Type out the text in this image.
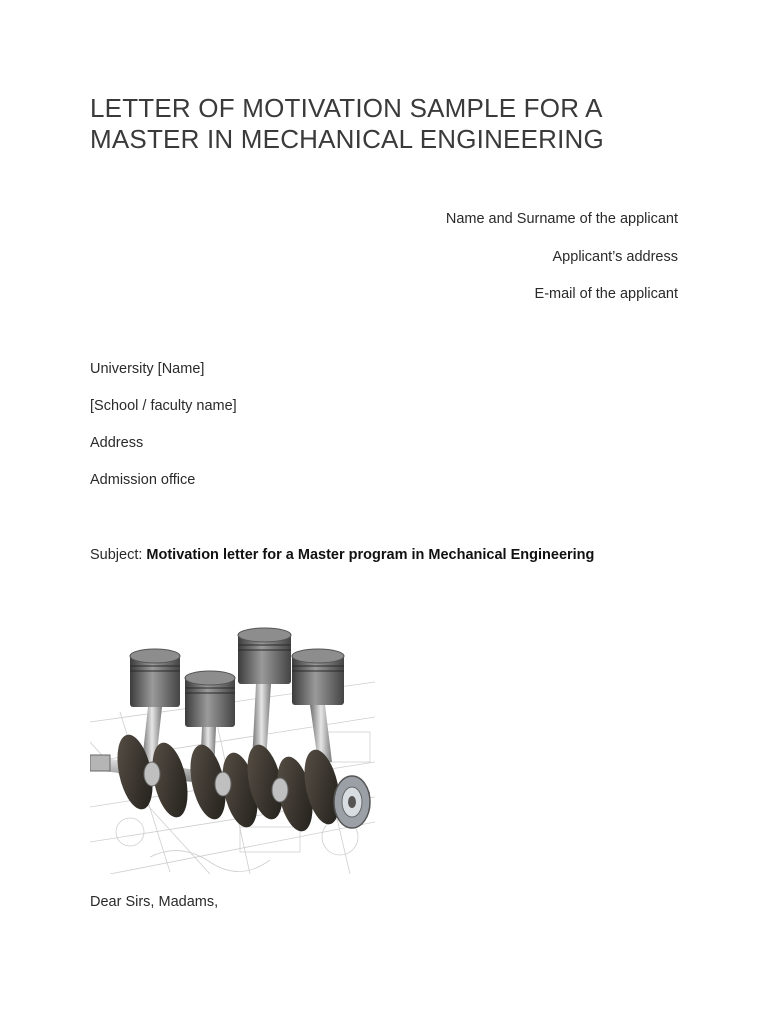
LETTER OF MOTIVATION SAMPLE FOR A
MASTER IN MECHANICAL ENGINEERING
Name and Surname of the applicant
Applicant’s address
E-mail of the applicant
University [Name]
[School / faculty name]
Address
Admission office
Subject: Motivation letter for a Master program in Mechanical Engineering
Dear Sirs, Madams,
